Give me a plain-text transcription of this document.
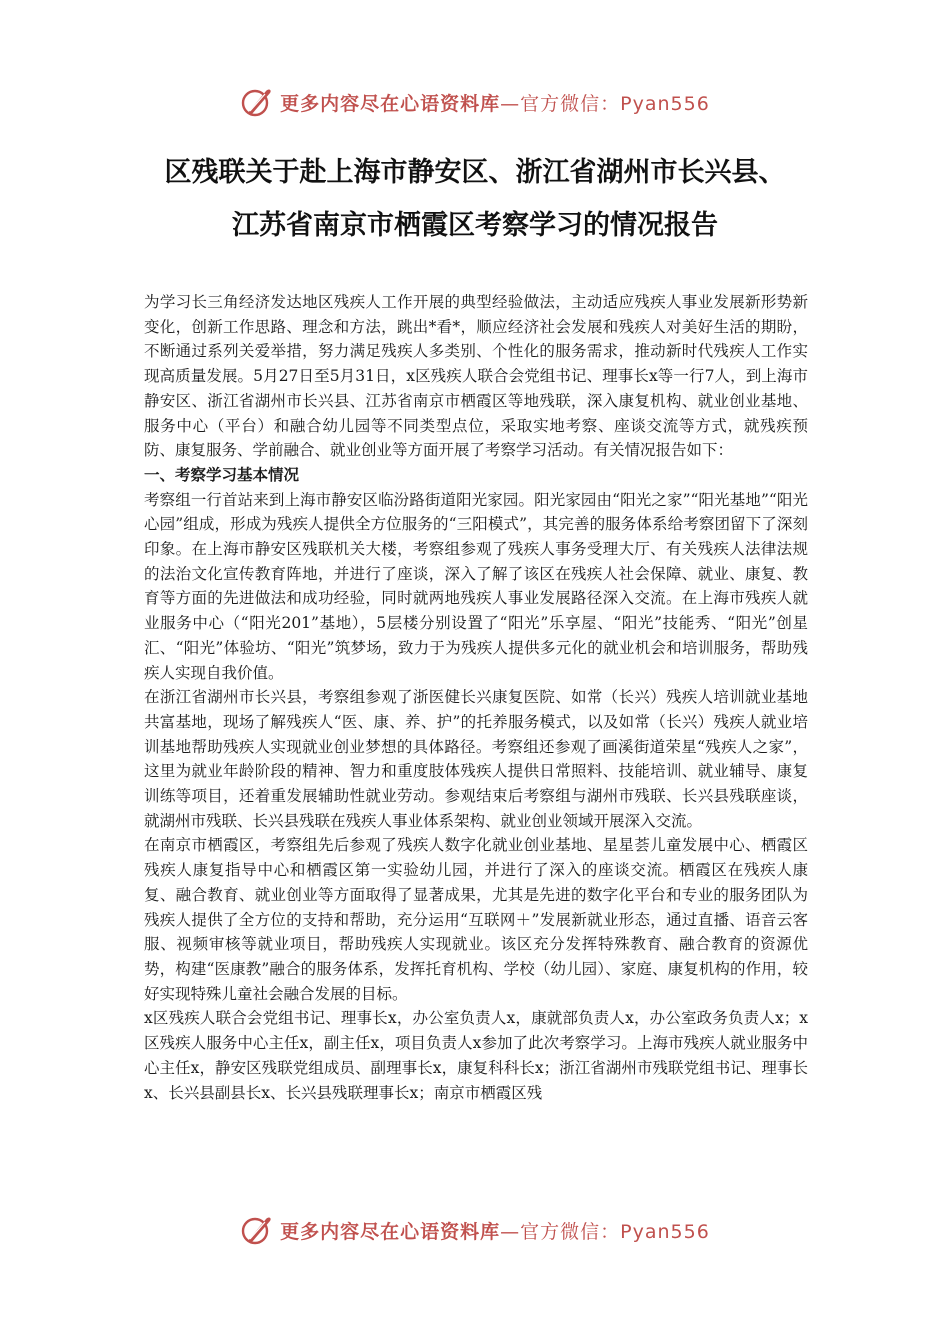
更多内容尽在心语资料库 —官方微信：Pyan556
区残联关于赴上海市静安区、浙江省湖州市长兴县、
江苏省南京市栖霞区考察学习的情况报告

为学习长三角经济发达地区残疾人工作开展的典型经验做法，主动适应残疾人事业发展新形势新变化，创新工作思路、理念和方法，跳出*看*，顺应经济社会发展和残疾人对美好生活的期盼，不断通过系列关爱举措，努力满足残疾人多类别、个性化的服务需求，推动新时代残疾人工作实现高质量发展。5月27日至5月31日，x区残疾人联合会党组书记、理事长x等一行7人，到上海市静安区、浙江省湖州市长兴县、江苏省南京市栖霞区等地残联，深入康复机构、就业创业基地、服务中心（平台）和融合幼儿园等不同类型点位，采取实地考察、座谈交流等方式，就残疾预防、康复服务、学前融合、就业创业等方面开展了考察学习活动。有关情况报告如下：

一、考察学习基本情况

考察组一行首站来到上海市静安区临汾路街道阳光家园。阳光家园由“阳光之家”“阳光基地”“阳光心园”组成，形成为残疾人提供全方位服务的“三阳模式”，其完善的服务体系给考察团留下了深刻印象。在上海市静安区残联机关大楼，考察组参观了残疾人事务受理大厅、有关残疾人法律法规的法治文化宣传教育阵地，并进行了座谈，深入了解了该区在残疾人社会保障、就业、康复、教育等方面的先进做法和成功经验，同时就两地残疾人事业发展路径深入交流。在上海市残疾人就业服务中心（“阳光201”基地），5层楼分别设置了“阳光”乐享屋、“阳光”技能秀、“阳光”创星汇、“阳光”体验坊、“阳光”筑梦场，致力于为残疾人提供多元化的就业机会和培训服务，帮助残疾人实现自我价值。

在浙江省湖州市长兴县，考察组参观了浙医健长兴康复医院、如常（长兴）残疾人培训就业基地共富基地，现场了解残疾人“医、康、养、护”的托养服务模式，以及如常（长兴）残疾人就业培训基地帮助残疾人实现就业创业梦想的具体路径。考察组还参观了画溪街道荣星“残疾人之家”，这里为就业年龄阶段的精神、智力和重度肢体残疾人提供日常照料、技能培训、就业辅导、康复训练等项目，还着重发展辅助性就业劳动。参观结束后考察组与湖州市残联、长兴县残联座谈，就湖州市残联、长兴县残联在残疾人事业体系架构、就业创业领域开展深入交流。

在南京市栖霞区，考察组先后参观了残疾人数字化就业创业基地、星星荟儿童发展中心、栖霞区残疾人康复指导中心和栖霞区第一实验幼儿园，并进行了深入的座谈交流。栖霞区在残疾人康复、融合教育、就业创业等方面取得了显著成果，尤其是先进的数字化平台和专业的服务团队为残疾人提供了全方位的支持和帮助，充分运用“互联网＋”发展新就业形态，通过直播、语音云客服、视频审核等就业项目，帮助残疾人实现就业。该区充分发挥特殊教育、融合教育的资源优势，构建“医康教”融合的服务体系，发挥托育机构、学校（幼儿园）、家庭、康复机构的作用，较好实现特殊儿童社会融合发展的目标。

x区残疾人联合会党组书记、理事长x，办公室负责人x，康就部负责人x，办公室政务负责人x；x区残疾人服务中心主任x，副主任x，项目负责人x参加了此次考察学习。上海市残疾人就业服务中心主任x，静安区残联党组成员、副理事长x，康复科科长x；浙江省湖州市残联党组书记、理事长x、长兴县副县长x、长兴县残联理事长x；南京市栖霞区残

更多内容尽在心语资料库 —官方微信：Pyan556
